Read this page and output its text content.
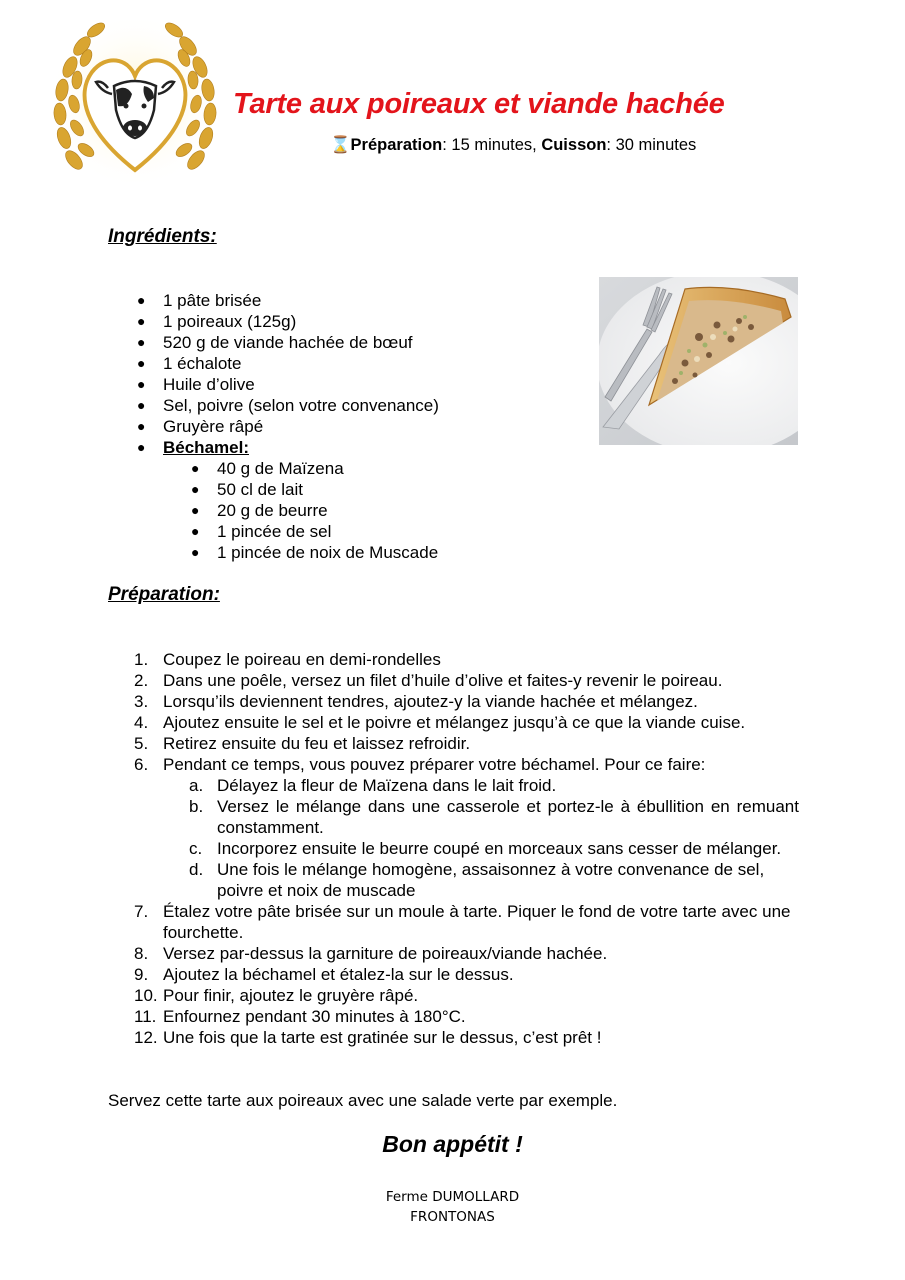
Tarte aux poireaux et viande hachée
⌛Préparation: 15 minutes, Cuisson: 30 minutes
Ingrédients:
● 1 pâte brisée
● 1 poireaux (125g)
● 520 g de viande hachée de bœuf
● 1 échalote
● Huile d’olive
● Sel, poivre (selon votre convenance)
● Gruyère râpé
● Béchamel:
● 40 g de Maïzena
● 50 cl de lait
● 20 g de beurre
● 1 pincée de sel
● 1 pincée de noix de Muscade
Préparation:
1. Coupez le poireau en demi-rondelles
2. Dans une poêle, versez un filet d’huile d’olive et faites-y revenir le poireau.
3. Lorsqu’ils deviennent tendres, ajoutez-y la viande hachée et mélangez.
4. Ajoutez ensuite le sel et le poivre et mélangez jusqu’à ce que la viande cuise.
5. Retirez ensuite du feu et laissez refroidir.
6. Pendant ce temps, vous pouvez préparer votre béchamel. Pour ce faire:
a. Délayez la fleur de Maïzena dans le lait froid.
b. Versez le mélange dans une casserole et portez-le à ébullition en remuant constamment.
c. Incorporez ensuite le beurre coupé en morceaux sans cesser de mélanger.
d. Une fois le mélange homogène, assaisonnez à votre convenance de sel, poivre et noix de muscade
7. Étalez votre pâte brisée sur un moule à tarte. Piquer le fond de votre tarte avec une fourchette.
8. Versez par-dessus la garniture de poireaux/viande hachée.
9. Ajoutez la béchamel et étalez-la sur le dessus.
10. Pour finir, ajoutez le gruyère râpé.
11. Enfournez pendant 30 minutes à 180°C.
12. Une fois que la tarte est gratinée sur le dessus, c’est prêt !
Servez cette tarte aux poireaux avec une salade verte par exemple.
Bon appétit !
Ferme DUMOLLARD
FRONTONAS
